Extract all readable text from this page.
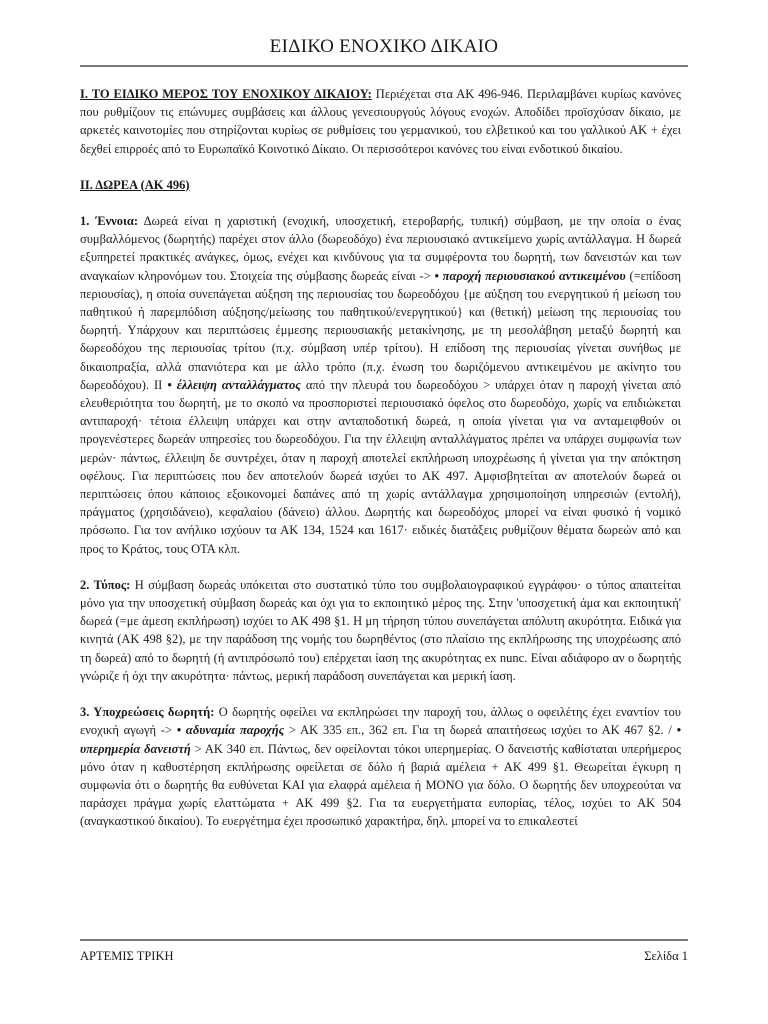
ΕΙΔΙΚΟ ΕΝΟΧΙΚΟ ΔΙΚΑΙΟ

Ι. ΤΟ ΕΙΔΙΚΟ ΜΕΡΟΣ ΤΟΥ ΕΝΟΧΙΚΟΥ ΔΙΚΑΙΟΥ: Περιέχεται στα ΑΚ 496-946. Περιλαμβάνει κυρίως κανόνες που ρυθμίζουν τις επώνυμες συμβάσεις και άλλους γενεσιουργούς λόγους ενοχών. Αποδίδει προϊσχύσαν δίκαιο, με αρκετές καινοτομίες που στηρίζονται κυρίως σε ρυθμίσεις του γερμανικού, του ελβετικού και του γαλλικού ΑΚ + έχει δεχθεί επιρροές από το Ευρωπαϊκό Κοινοτικό Δίκαιο. Οι περισσότεροι κανόνες του είναι ενδοτικού δικαίου.

ΙΙ. ΔΩΡΕΑ (ΑΚ 496)

1. Έννοια: Δωρεά είναι η χαριστική (ενοχική, υποσχετική, ετεροβαρής, τυπική) σύμβαση, με την οποία ο ένας συμβαλλόμενος (δωρητής) παρέχει στον άλλο (δωρεοδόχο) ένα περιουσιακό αντικείμενο χωρίς αντάλλαγμα. Η δωρεά εξυπηρετεί πρακτικές ανάγκες, όμως, ενέχει και κινδύνους για τα συμφέροντα του δωρητή, των δανειστών και των αναγκαίων κληρονόμων του. Στοιχεία της σύμβασης δωρεάς είναι -> • παροχή περιουσιακού αντικειμένου (=επίδοση περιουσίας), η οποία συνεπάγεται αύξηση της περιουσίας του δωρεοδόχου {με αύξηση του ενεργητικού ή μείωση του παθητικού ή παρεμπόδιση αύξησης/μείωσης του παθητικού/ενεργητικού} και (θετική) μείωση της περιουσίας του δωρητή. Υπάρχουν και περιπτώσεις έμμεσης περιουσιακής μετακίνησης, με τη μεσολάβηση μεταξύ δωρητή και δωρεοδόχου της περιουσίας τρίτου (π.χ. σύμβαση υπέρ τρίτου). Η επίδοση της περιουσίας γίνεται συνήθως με δικαιοπραξία, αλλά σπανιότερα και με άλλο τρόπο (π.χ. ένωση του δωριζόμενου αντικειμένου με ακίνητο του δωρεοδόχου). ΙΙ • έλλειψη ανταλλάγματος από την πλευρά του δωρεοδόχου > υπάρχει όταν η παροχή γίνεται από ελευθεριότητα του δωρητή, με το σκοπό να προσποριστεί περιουσιακό όφελος στο δωρεοδόχο, χωρίς να επιδιώκεται αντιπαροχή· τέτοια έλλειψη υπάρχει και στην ανταποδοτική δωρεά, η οποία γίνεται για να ανταμειφθούν οι προγενέστερες δωρεάν υπηρεσίες του δωρεοδόχου. Για την έλλειψη ανταλλάγματος πρέπει να υπάρχει συμφωνία των μερών· πάντως, έλλειψη δε συντρέχει, όταν η παροχή αποτελεί εκπλήρωση υποχρέωσης ή γίνεται για την απόκτηση οφέλους. Για περιπτώσεις που δεν αποτελούν δωρεά ισχύει το ΑΚ 497. Αμφισβητείται αν αποτελούν δωρεά οι περιπτώσεις όπου κάποιος εξοικονομεί δαπάνες από τη χωρίς αντάλλαγμα χρησιμοποίηση υπηρεσιών (εντολή), πράγματος (χρησιδάνειο), κεφαλαίου (δάνειο) άλλου. Δωρητής και δωρεοδόχος μπορεί να είναι φυσικό ή νομικό πρόσωπο. Για τον ανήλικο ισχύουν τα ΑΚ 134, 1524 και 1617· ειδικές διατάξεις ρυθμίζουν θέματα δωρεών από και προς το Κράτος, τους ΟΤΑ κλπ.

2. Τύπος: Η σύμβαση δωρεάς υπόκειται στο συστατικό τύπο του συμβολαιογραφικού εγγράφου· ο τύπος απαιτείται μόνο για την υποσχετική σύμβαση δωρεάς και όχι για το εκποιητικό μέρος της. Στην 'υποσχετική άμα και εκποιητική' δωρεά (=με άμεση εκπλήρωση) ισχύει το ΑΚ 498 §1. Η μη τήρηση τύπου συνεπάγεται απόλυτη ακυρότητα. Ειδικά για κινητά (ΑΚ 498 §2), με την παράδοση της νομής του δωρηθέντος (στο πλαίσιο της εκπλήρωσης της υποχρέωσης από τη δωρεά) από το δωρητή (ή αντιπρόσωπό του) επέρχεται ίαση της ακυρότητας ex nunc. Είναι αδιάφορο αν ο δωρητής γνώριζε ή όχι την ακυρότητα· πάντως, μερική παράδοση συνεπάγεται και μερική ίαση.

3. Υποχρεώσεις δωρητή: Ο δωρητής οφείλει να εκπληρώσει την παροχή του, άλλως ο οφειλέτης έχει εναντίον του ενοχική αγωγή -> • αδυναμία παροχής > ΑΚ 335 επ., 362 επ. Για τη δωρεά απαιτήσεως ισχύει το ΑΚ 467 §2. / • υπερημερία δανειστή > ΑΚ 340 επ. Πάντως, δεν οφείλονται τόκοι υπερημερίας. Ο δανειστής καθίσταται υπερήμερος μόνο όταν η καθυστέρηση εκπλήρωσης οφείλεται σε δόλο ή βαριά αμέλεια + ΑΚ 499 §1. Θεωρείται έγκυρη η συμφωνία ότι ο δωρητής θα ευθύνεται ΚΑΙ για ελαφρά αμέλεια ή ΜΟΝΟ για δόλο. Ο δωρητής δεν υποχρεούται να παράσχει πράγμα χωρίς ελαττώματα + ΑΚ 499 §2. Για τα ευεργετήματα ευπορίας, τέλος, ισχύει το ΑΚ 504 (αναγκαστικού δικαίου). Το ευεργέτημα έχει προσωπικό χαρακτήρα, δηλ. μπορεί να το επικαλεστεί

ΑΡΤΕΜΙΣ ΤΡΙΚΗ	Σελίδα 1
